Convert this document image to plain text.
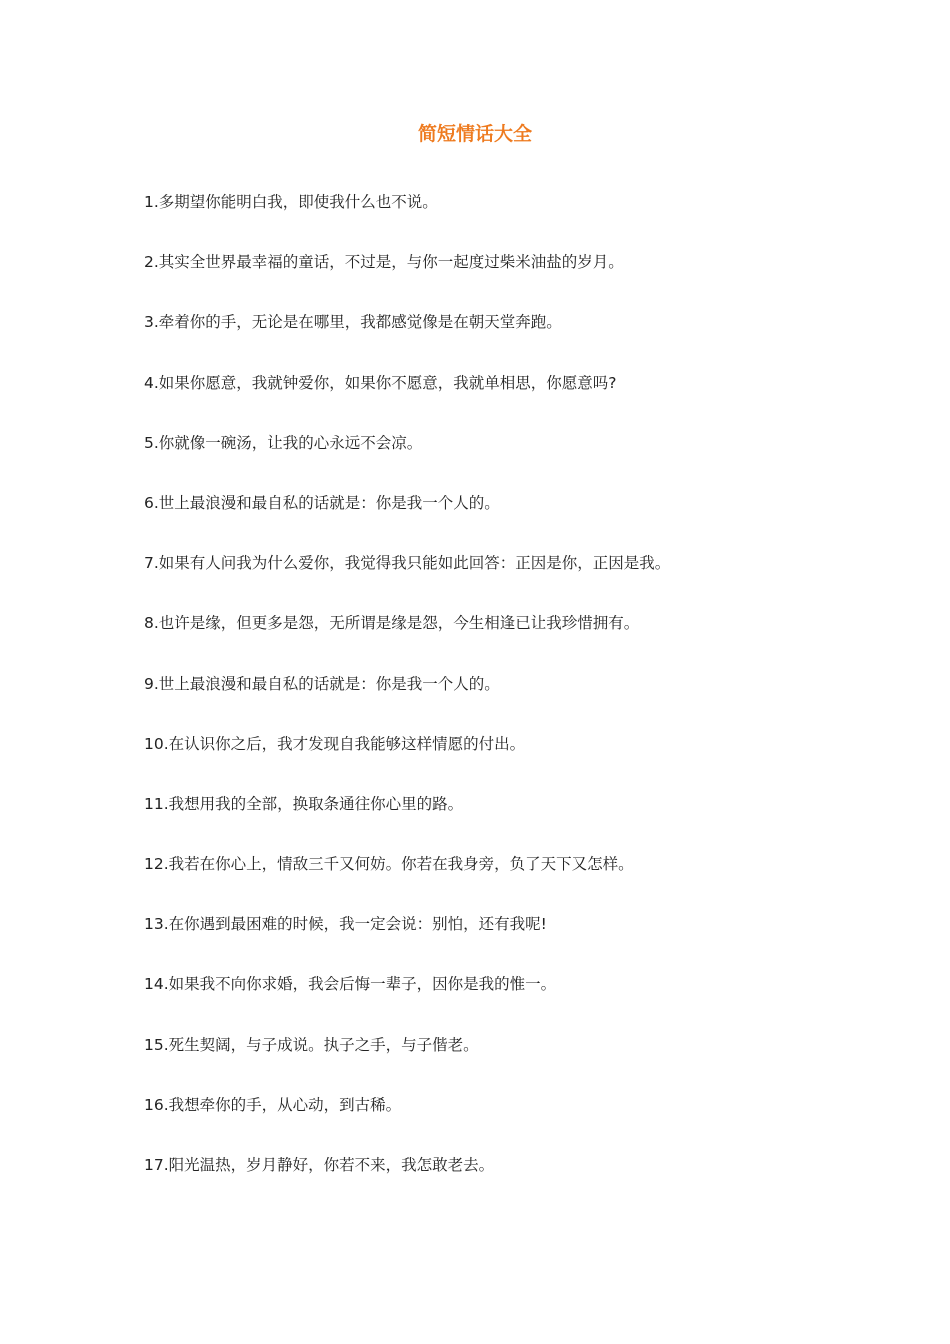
简短情话大全
1.多期望你能明白我，即使我什么也不说。
2.其实全世界最幸福的童话，不过是，与你一起度过柴米油盐的岁月。
3.牵着你的手，无论是在哪里，我都感觉像是在朝天堂奔跑。
4.如果你愿意，我就钟爱你，如果你不愿意，我就单相思，你愿意吗?
5.你就像一碗汤，让我的心永远不会凉。
6.世上最浪漫和最自私的话就是：你是我一个人的。
7.如果有人问我为什么爱你，我觉得我只能如此回答：正因是你，正因是我。
8.也许是缘，但更多是怨，无所谓是缘是怨，今生相逢已让我珍惜拥有。
9.世上最浪漫和最自私的话就是：你是我一个人的。
10.在认识你之后，我才发现自我能够这样情愿的付出。
11.我想用我的全部，换取条通往你心里的路。
12.我若在你心上，情敌三千又何妨。你若在我身旁，负了天下又怎样。
13.在你遇到最困难的时候，我一定会说：别怕，还有我呢!
14.如果我不向你求婚，我会后悔一辈子，因你是我的惟一。
15.死生契阔，与子成说。执子之手，与子偕老。
16.我想牵你的手，从心动，到古稀。
17.阳光温热，岁月静好，你若不来，我怎敢老去。
